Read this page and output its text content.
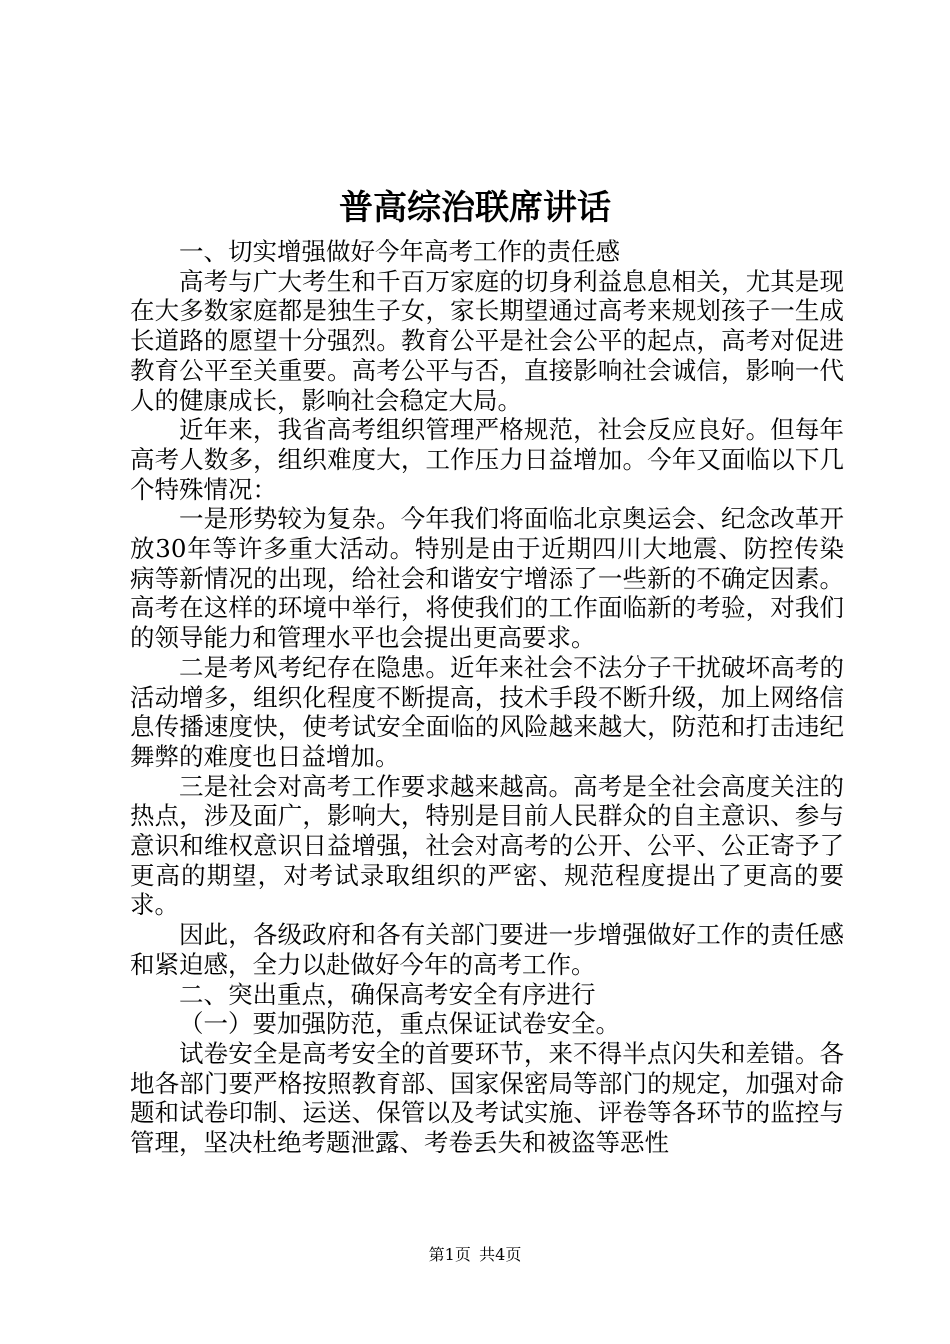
普高综治联席讲话

一、切实增强做好今年高考工作的责任感

高考与广大考生和千百万家庭的切身利益息息相关，尤其是现在大多数家庭都是独生子女，家长期望通过高考来规划孩子一生成长道路的愿望十分强烈。教育公平是社会公平的起点，高考对促进教育公平至关重要。高考公平与否，直接影响社会诚信，影响一代人的健康成长，影响社会稳定大局。

近年来，我省高考组织管理严格规范，社会反应良好。但每年高考人数多，组织难度大，工作压力日益增加。今年又面临以下几个特殊情况：

一是形势较为复杂。今年我们将面临北京奥运会、纪念改革开放30年等许多重大活动。特别是由于近期四川大地震、防控传染病等新情况的出现，给社会和谐安宁增添了一些新的不确定因素。高考在这样的环境中举行，将使我们的工作面临新的考验，对我们的领导能力和管理水平也会提出更高要求。

二是考风考纪存在隐患。近年来社会不法分子干扰破坏高考的活动增多，组织化程度不断提高，技术手段不断升级，加上网络信息传播速度快，使考试安全面临的风险越来越大，防范和打击违纪舞弊的难度也日益增加。

三是社会对高考工作要求越来越高。高考是全社会高度关注的热点，涉及面广，影响大，特别是目前人民群众的自主意识、参与意识和维权意识日益增强，社会对高考的公开、公平、公正寄予了更高的期望，对考试录取组织的严密、规范程度提出了更高的要求。

因此，各级政府和各有关部门要进一步增强做好工作的责任感和紧迫感，全力以赴做好今年的高考工作。

二、突出重点，确保高考安全有序进行

（一）要加强防范，重点保证试卷安全。

试卷安全是高考安全的首要环节，来不得半点闪失和差错。各地各部门要严格按照教育部、国家保密局等部门的规定，加强对命题和试卷印制、运送、保管以及考试实施、评卷等各环节的监控与管理，坚决杜绝考题泄露、考卷丢失和被盗等恶性

第1页 共4页
